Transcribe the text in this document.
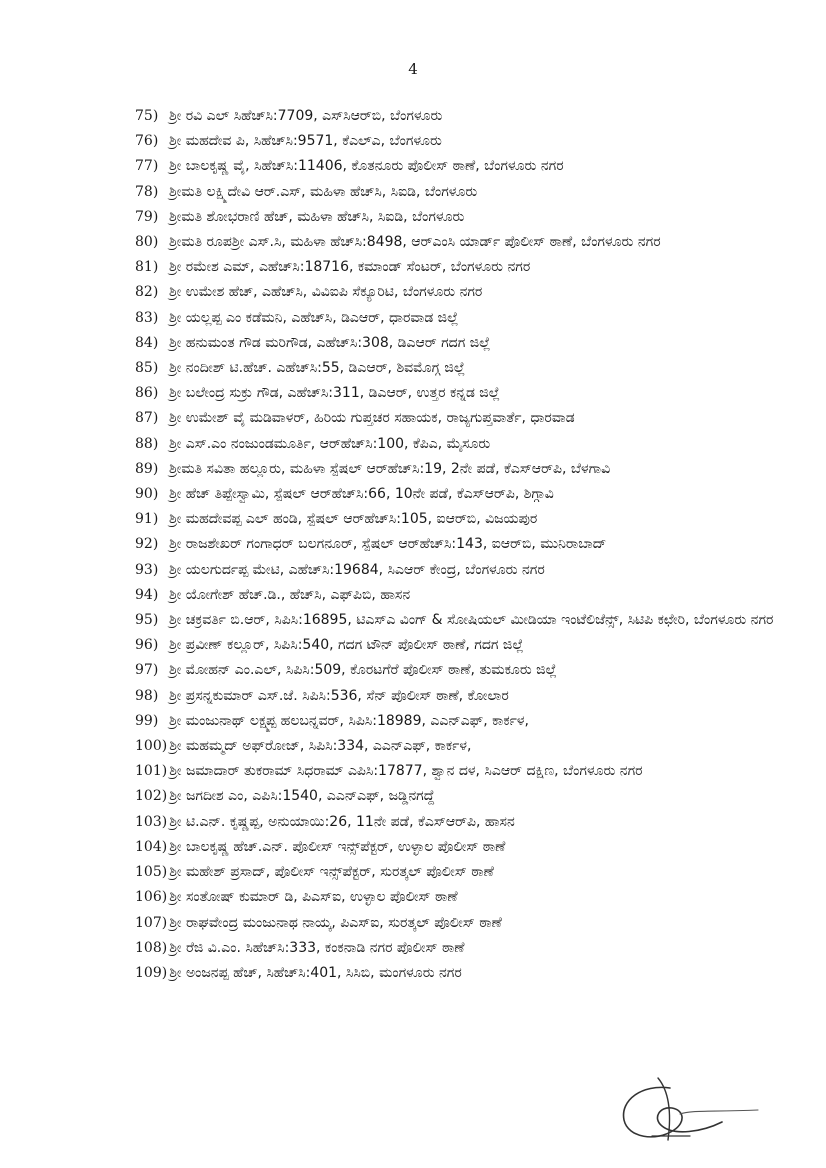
4
75) ಶ್ರೀ ರವಿ ಎಲ್ ಸಿಹೆಚ್‌ಸಿ:7709, ಎಸ್‌ಸಿಆರ್‌ಬಿ, ಬೆಂಗಳೂರು
76) ಶ್ರೀ ಮಹದೇವ ಪಿ, ಸಿಹೆಚ್‌ಸಿ:9571, ಕೆಎಲ್‌ಎ, ಬೆಂಗಳೂರು
77) ಶ್ರೀ ಬಾಲಕೃಷ್ಣ ವೈ, ಸಿಹೆಚ್‌ಸಿ:11406, ಕೊತನೂರು ಪೊಲೀಸ್ ಠಾಣೆ, ಬೆಂಗಳೂರು ನಗರ
78) ಶ್ರೀಮತಿ ಲಕ್ಷ್ಮಿದೇವಿ ಆರ್.ಎಸ್, ಮಹಿಳಾ ಹೆಚ್‌ಸಿ, ಸಿಐಡಿ, ಬೆಂಗಳೂರು
79) ಶ್ರೀಮತಿ ಶೋಭರಾಣಿ ಹೆಚ್, ಮಹಿಳಾ ಹೆಚ್‌ಸಿ, ಸಿಐಡಿ, ಬೆಂಗಳೂರು
80) ಶ್ರೀಮತಿ ರೂಪಶ್ರೀ ಎಸ್.ಸಿ, ಮಹಿಳಾ ಹೆಚ್‌ಸಿ:8498, ಆರ್‌ಎಂಸಿ ಯಾರ್ಡ್ ಪೊಲೀಸ್ ಠಾಣೆ, ಬೆಂಗಳೂರು ನಗರ
81) ಶ್ರೀ ರಮೇಶ ಎಮ್, ಎಹೆಚ್‌ಸಿ:18716, ಕಮಾಂಡ್ ಸೆಂಟರ್, ಬೆಂಗಳೂರು ನಗರ
82) ಶ್ರೀ ಉಮೇಶ ಹೆಚ್, ಎಹೆಚ್‌ಸಿ, ವಿವಿಐಪಿ ಸೆಕ್ಯೂರಿಟಿ, ಬೆಂಗಳೂರು ನಗರ
83) ಶ್ರೀ ಯಲ್ಲಪ್ಪ ಎಂ ಕಡೆಮನಿ, ಎಹೆಚ್‌ಸಿ, ಡಿಎಆರ್, ಧಾರವಾಡ ಜಿಲ್ಲೆ
84) ಶ್ರೀ ಹನುಮಂತ ಗೌಡ ಮರಿಗೌಡ, ಎಹೆಚ್‌ಸಿ:308, ಡಿಎಆರ್ ಗದಗ ಜಿಲ್ಲೆ
85) ಶ್ರೀ ನಂದೀಶ್ ಟಿ.ಹೆಚ್. ಎಹೆಚ್‌ಸಿ:55, ಡಿಎಆರ್, ಶಿವಮೊಗ್ಗ ಜಿಲ್ಲೆ
86) ಶ್ರೀ ಬಲೇಂದ್ರ ಸುಕ್ರು ಗೌಡ, ಎಹೆಚ್‌ಸಿ:311, ಡಿಎಆರ್, ಉತ್ತರ ಕನ್ನಡ ಜಿಲ್ಲೆ
87) ಶ್ರೀ ಉಮೇಶ್ ವೈ ಮಡಿವಾಳರ್, ಹಿರಿಯ ಗುಪ್ತಚರ ಸಹಾಯಕ, ರಾಜ್ಯಗುಪ್ತವಾರ್ತೆ, ಧಾರವಾಡ
88) ಶ್ರೀ ಎಸ್.ಎಂ ನಂಜುಂಡಮೂರ್ತಿ, ಆರ್‌ಹೆಚ್‌ಸಿ:100, ಕೆಪಿಎ, ಮೈಸೂರು
89) ಶ್ರೀಮತಿ ಸವಿತಾ ಹಲ್ಲೂರು, ಮಹಿಳಾ ಸ್ಪೆಷಲ್ ಆರ್‌ಹೆಚ್‌ಸಿ:19, 2ನೇ ಪಡೆ, ಕೆಎಸ್‌ಆರ್‌ಪಿ, ಬೆಳಗಾವಿ
90) ಶ್ರೀ ಹೆಚ್ ತಿಪ್ಪೇಸ್ವಾಮಿ, ಸ್ಪೆಷಲ್ ಆರ್‌ಹೆಚ್‌ಸಿ:66, 10ನೇ ಪಡೆ, ಕೆಎಸ್‌ಆರ್‌ಪಿ, ಶಿಗ್ಗಾವಿ
91) ಶ್ರೀ ಮಹದೇವಪ್ಪ ಎಲ್ ಹಂಡಿ, ಸ್ಪೆಷಲ್ ಆರ್‌ಹೆಚ್‌ಸಿ:105, ಐಆರ್‌ಬಿ, ವಿಜಯಪುರ
92) ಶ್ರೀ ರಾಜಶೇಖರ್ ಗಂಗಾಧರ್ ಬಲಗನೂರ್, ಸ್ಪೆಷಲ್ ಆರ್‌ಹೆಚ್‌ಸಿ:143, ಐಆರ್‌ಬಿ, ಮುನಿರಾಬಾದ್
93) ಶ್ರೀ ಯಲಗುರ್ದಪ್ಪ ಮೇಟಿ, ಎಹೆಚ್‌ಸಿ:19684, ಸಿಎಆರ್ ಕೇಂದ್ರ, ಬೆಂಗಳೂರು ನಗರ
94) ಶ್ರೀ ಯೋಗೇಶ್ ಹೆಚ್.ಡಿ., ಹೆಚ್‌ಸಿ, ಎಫ್‌ಪಿಬಿ, ಹಾಸನ
95) ಶ್ರೀ ಚಕ್ರವರ್ತಿ ಬಿ.ಆರ್, ಸಿಪಿಸಿ:16895, ಟಿಎಸ್‌ಎ ವಿಂಗ್ & ಸೋಷಿಯಲ್ ಮೀಡಿಯಾ ಇಂಟೆಲಿಜೆನ್ಸ್, ಸಿಟಿಪಿ ಕಛೇರಿ, ಬೆಂಗಳೂರು ನಗರ
96) ಶ್ರೀ ಪ್ರವೀಣ್ ಕಲ್ಲೂರ್, ಸಿಪಿಸಿ:540, ಗದಗ ಟೌನ್ ಪೊಲೀಸ್ ಠಾಣೆ, ಗದಗ ಜಿಲ್ಲೆ
97) ಶ್ರೀ ಮೋಹನ್ ಎಂ.ಎಲ್, ಸಿಪಿಸಿ:509, ಕೊರಟಗೆರೆ ಪೊಲೀಸ್ ಠಾಣೆ, ತುಮಕೂರು ಜಿಲ್ಲೆ
98) ಶ್ರೀ ಪ್ರಸನ್ನಕುಮಾರ್ ಎಸ್.ಜೆ. ಸಿಪಿಸಿ:536, ಸೆನ್ ಪೊಲೀಸ್ ಠಾಣೆ, ಕೋಲಾರ
99) ಶ್ರೀ ಮಂಜುನಾಥ್ ಲಕ್ಷ್ಮಪ್ಪ ಹಲಬನ್ನವರ್, ಸಿಪಿಸಿ:18989, ಎಎನ್‌ಎಫ್, ಕಾರ್ಕಳ,
100) ಶ್ರೀ ಮಹಮ್ಮದ್ ಅಫ್‌ರೋಜ್, ಸಿಪಿಸಿ:334, ಎಎನ್‌ಎಫ್, ಕಾರ್ಕಳ,
101) ಶ್ರೀ ಜಮಾದಾರ್ ತುಕರಾಮ್ ಸಿಧರಾಮ್ ಎಪಿಸಿ:17877, ಶ್ವಾನ ದಳ, ಸಿಎಆರ್ ದಕ್ಷಿಣ, ಬೆಂಗಳೂರು ನಗರ
102) ಶ್ರೀ ಜಗದೀಶ ಎಂ, ಎಪಿಸಿ:1540, ಎಎನ್‌ಎಫ್, ಜಡ್ಡಿನಗದ್ದೆ
103) ಶ್ರೀ ಟಿ.ಎನ್. ಕೃಷ್ಣಪ್ಪ, ಅನುಯಾಯಿ:26, 11ನೇ ಪಡೆ, ಕೆಎಸ್‌ಆರ್‌ಪಿ, ಹಾಸನ
104) ಶ್ರೀ ಬಾಲಕೃಷ್ಣ ಹೆಚ್.ಎನ್. ಪೊಲೀಸ್ ಇನ್ಸ್‌ಪೆಕ್ಟರ್, ಉಳ್ಳಾಲ ಪೊಲೀಸ್ ಠಾಣೆ
105) ಶ್ರೀ ಮಹೇಶ್ ಪ್ರಸಾದ್, ಪೊಲೀಸ್ ಇನ್ಸ್‌ಪೆಕ್ಟರ್, ಸುರತ್ಕಲ್ ಪೊಲೀಸ್ ಠಾಣೆ
106) ಶ್ರೀ ಸಂತೋಷ್ ಕುಮಾರ್ ಡಿ, ಪಿಎಸ್‌ಐ, ಉಳ್ಳಾಲ ಪೊಲೀಸ್ ಠಾಣೆ
107) ಶ್ರೀ ರಾಘವೇಂದ್ರ ಮಂಜುನಾಥ ನಾಯ್ಕ, ಪಿಎಸ್‌ಐ, ಸುರತ್ಕಲ್ ಪೊಲೀಸ್ ಠಾಣೆ
108) ಶ್ರೀ ರೆಜಿ ವಿ.ಎಂ. ಸಿಹೆಚ್‌ಸಿ:333, ಕಂಕನಾಡಿ ನಗರ ಪೊಲೀಸ್ ಠಾಣೆ
109) ಶ್ರೀ ಅಂಜನಪ್ಪ ಹೆಚ್, ಸಿಹೆಚ್‌ಸಿ:401, ಸಿಸಿಬಿ, ಮಂಗಳೂರು ನಗರ
